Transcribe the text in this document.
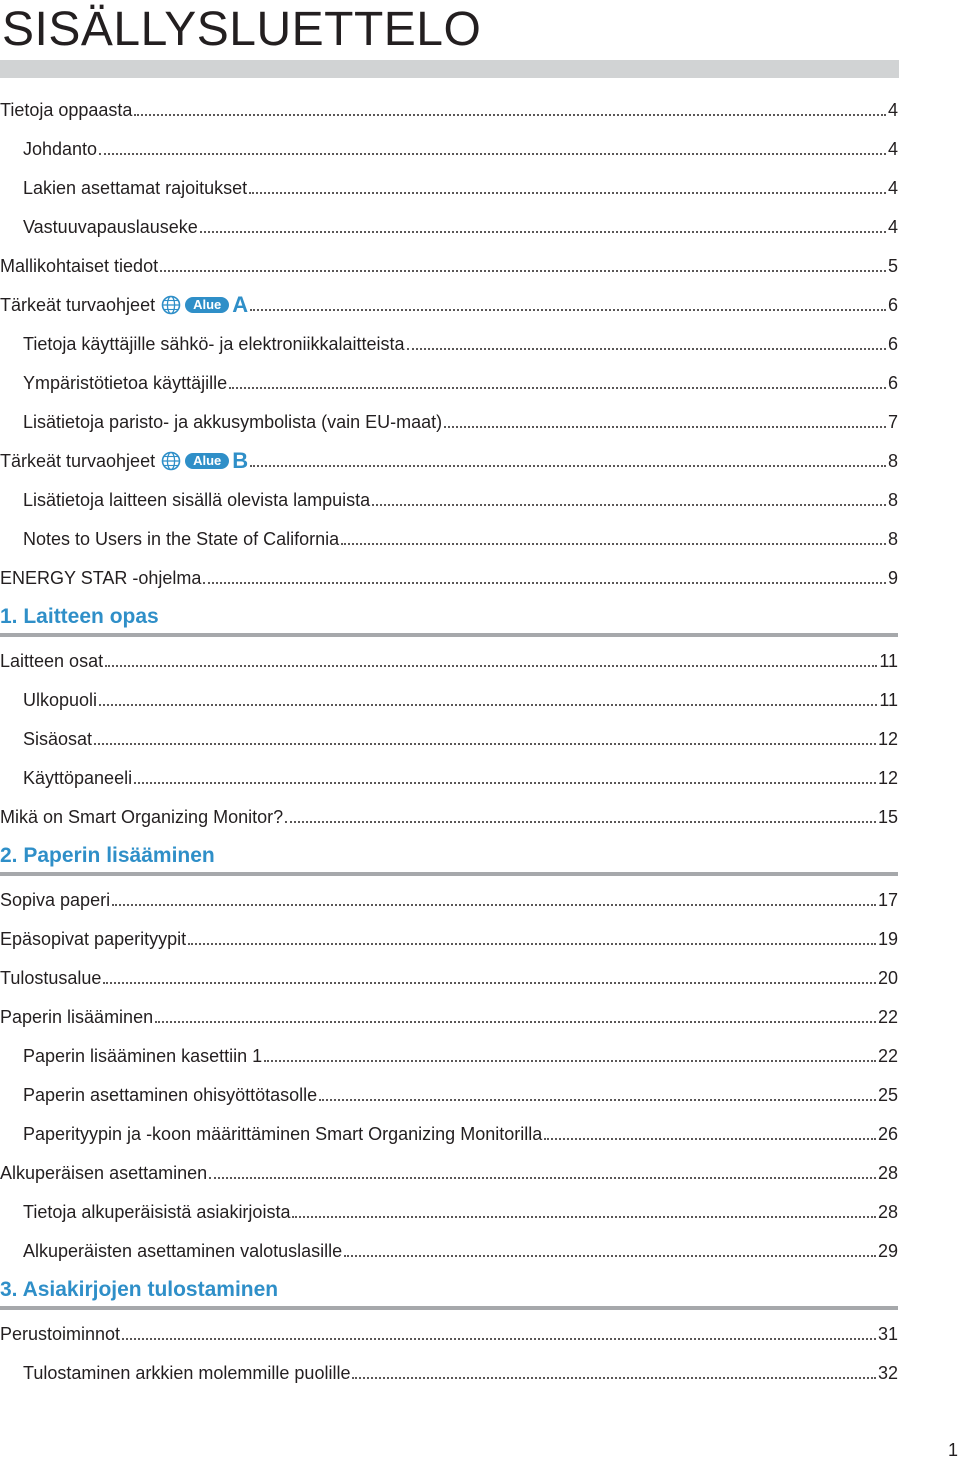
SISÄLLYSLUETTELO
Tietoja oppaasta	4
Johdanto	4
Lakien asettamat rajoitukset	4
Vastuuvapauslauseke	4
Mallikohtaiset tiedot	5
Tärkeät turvaohjeet	Alue A	6
Tietoja käyttäjille sähkö- ja elektroniikkalaitteista	6
Ympäristötietoa käyttäjille	6
Lisätietoja paristo- ja akkusymbolista (vain EU-maat)	7
Tärkeät turvaohjeet	Alue B	8
Lisätietoja laitteen sisällä olevista lampuista	8
Notes to Users in the State of California	8
ENERGY STAR -ohjelma	9
1. Laitteen opas
Laitteen osat	11
Ulkopuoli	11
Sisäosat	12
Käyttöpaneeli	12
Mikä on Smart Organizing Monitor?	15
2. Paperin lisääminen
Sopiva paperi	17
Epäsopivat paperityypit	19
Tulostusalue	20
Paperin lisääminen	22
Paperin lisääminen kasettiin 1	22
Paperin asettaminen ohisyöttötasolle	25
Paperityypin ja -koon määrittäminen Smart Organizing Monitorilla	26
Alkuperäisen asettaminen	28
Tietoja alkuperäisistä asiakirjoista	28
Alkuperäisten asettaminen valotuslasille	29
3. Asiakirjojen tulostaminen
Perustoiminnot	31
Tulostaminen arkkien molemmille puolille	32
1
